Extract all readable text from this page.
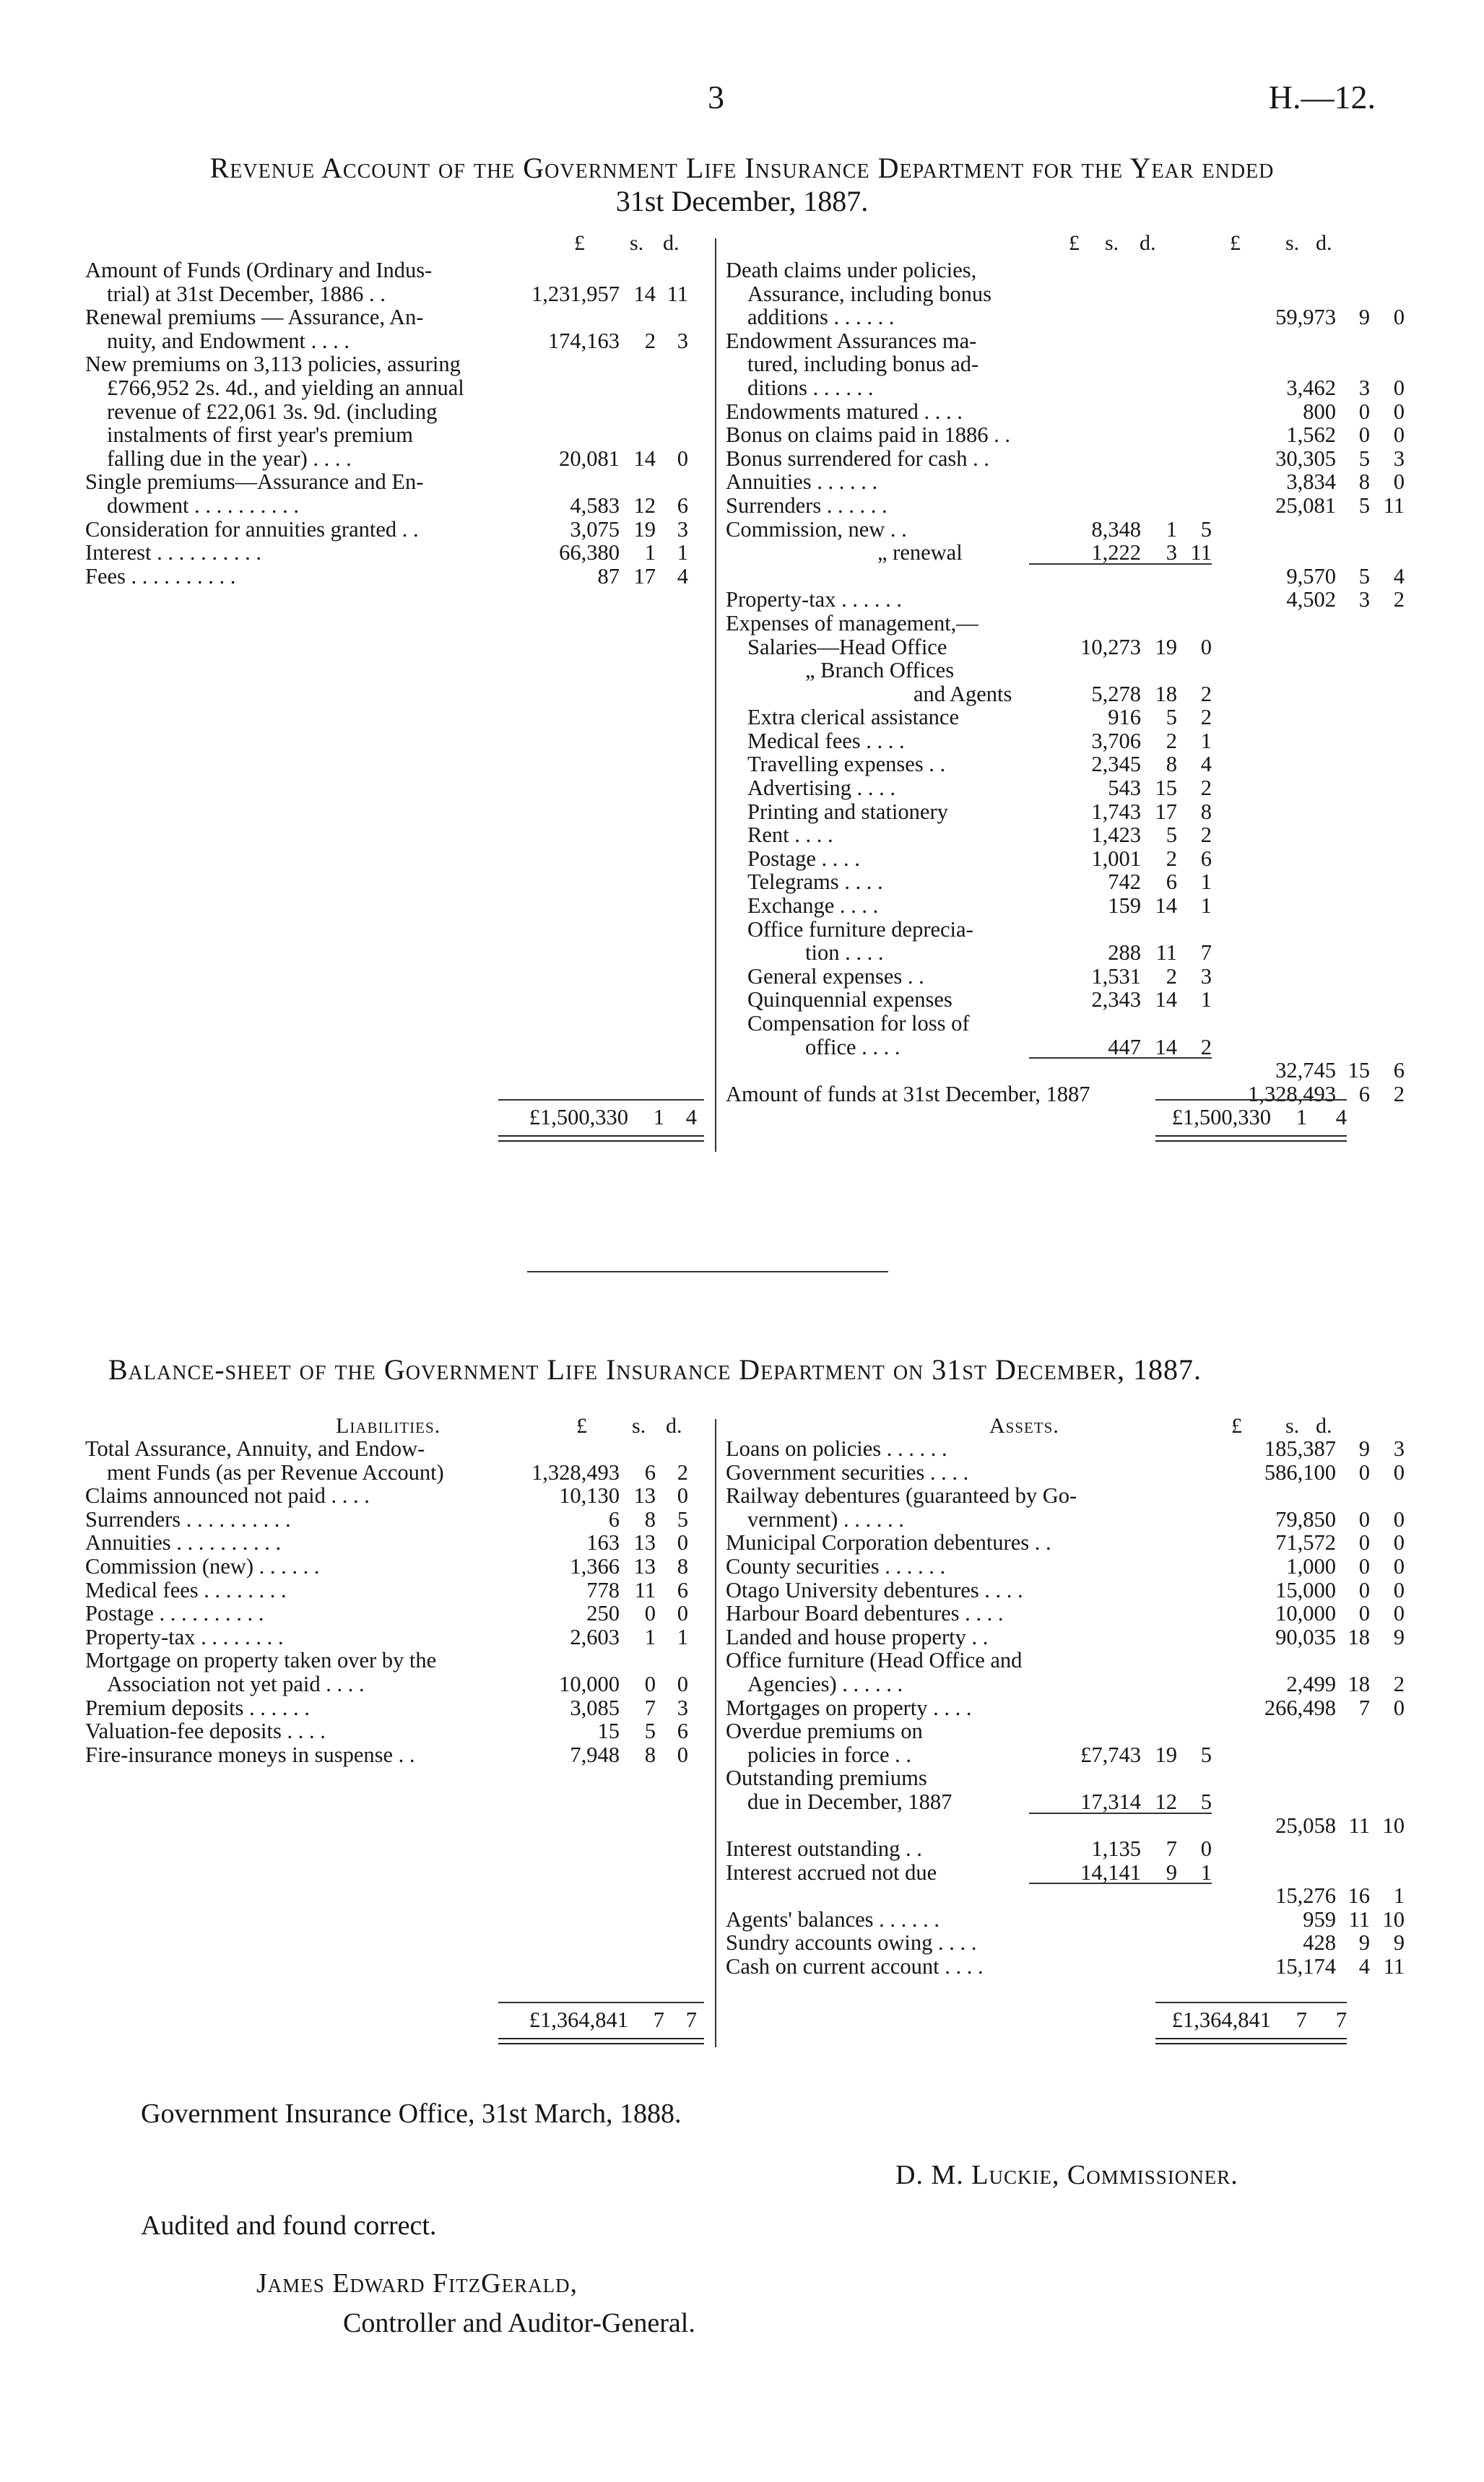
3	H.—12.
Revenue Account of the Government Life Insurance Department for the Year ended
31st December, 1887.
£ s. d.	£ s. d.	£ s. d.
Amount of Funds (Ordinary and Indus-
trial) at 31st December, 1886 . .	1,231,957 14 11
Renewal premiums — Assurance, An-
nuity, and Endowment . . . .	174,163	2 3
New premiums on 3,113 policies, assuring
£766,952 2s. 4d., and yielding an annual
revenue of £22,061 3s. 9d. (including
instalments of first year's premium
falling due in the year) . . . .	20,081 14 0
Single premiums—Assurance and En-
dowment . . . . . . . . . .	4,583 12 6
Consideration for annuities granted . .	3,075 19 3
Interest . . . . . . . . . .	66,380	1 1
Fees . . . . . . . . . .	87 17 4
Death claims under policies,
Assurance, including bonus
additions . . . . . .	59,973	9	0
Endowment Assurances ma-
tured, including bonus ad-
ditions . . . . . .	3,462	3	0
Endowments matured . . . .	800	0	0
Bonus on claims paid in 1886 . .	1,562	0	0
Bonus surrendered for cash . .	30,305	5	3
Annuities . . . . . .	3,834	8	0
Surrenders . . . . . .	25,081	5 11
Commission, new . .	8,348	1	5
„ renewal	1,222	3 11
9,570	5	4
Property-tax . . . . . .	4,502	3	2
Expenses of management,—
Salaries—Head Office	10,273 19	0
„ Branch Offices
and Agents	5,278 18	2
Extra clerical assistance	916	5	2
Medical fees . . . .	3,706	2	1
Travelling expenses . .	2,345	8	4
Advertising . . . .	543 15	2
Printing and stationery	1,743 17	8
Rent . . . .	1,423	5	2
Postage . . . .	1,001	2	6
Telegrams . . . .	742	6	1
Exchange . . . .	159 14	1
Office furniture deprecia-
tion . . . .	288 11	7
General expenses . .	1,531	2	3
Quinquennial expenses	2,343 14	1
Compensation for loss of
office . . . .	447 14	2
32,745 15	6
Amount of funds at 31st December, 1887	1,328,493	6	2
£1,500,330	1 4	£1,500,330	1	4
Balance-sheet of the Government Life Insurance Department on 31st December, 1887.
Liabilities.	£ s. d.	Assets.	£ s. d.
Total Assurance, Annuity, and Endow-
ment Funds (as per Revenue Account)	1,328,493	6 2
Claims announced not paid . . . .	10,130 13 0
Surrenders . . . . . . . . . .	6	8 5
Annuities . . . . . . . . . .	163 13 0
Commission (new) . . . . . .	1,366 13 8
Medical fees . . . . . . . .	778 11 6
Postage . . . . . . . . . .	250	0 0
Property-tax . . . . . . . .	2,603	1 1
Mortgage on property taken over by the
Association not yet paid . . . .	10,000	0 0
Premium deposits . . . . . .	3,085	7 3
Valuation-fee deposits . . . .	15	5 6
Fire-insurance moneys in suspense . .	7,948	8 0
Loans on policies . . . . . .	185,387	9	3
Government securities . . . .	586,100	0	0
Railway debentures (guaranteed by Go-
vernment) . . . . . .	79,850	0	0
Municipal Corporation debentures . .	71,572	0	0
County securities . . . . . .	1,000	0	0
Otago University debentures . . . .	15,000	0	0
Harbour Board debentures . . . .	10,000	0	0
Landed and house property . .	90,035 18	9
Office furniture (Head Office and
Agencies) . . . . . .	2,499 18	2
Mortgages on property . . . .	266,498	7	0
Overdue premiums on
policies in force . .	£7,743 19	5
Outstanding premiums
due in December, 1887	17,314 12	5
25,058 11 10
Interest outstanding . .	1,135	7	0
Interest accrued not due	14,141	9	1
15,276 16	1
Agents' balances . . . . . .	959 11 10
Sundry accounts owing . . . .	428	9	9
Cash on current account . . . .	15,174	4 11
£1,364,841	7 7	£1,364,841	7	7
Government Insurance Office, 31st March, 1888.
D. M. Luckie, Commissioner.
Audited and found correct.
James Edward FitzGerald,
Controller and Auditor-General.
